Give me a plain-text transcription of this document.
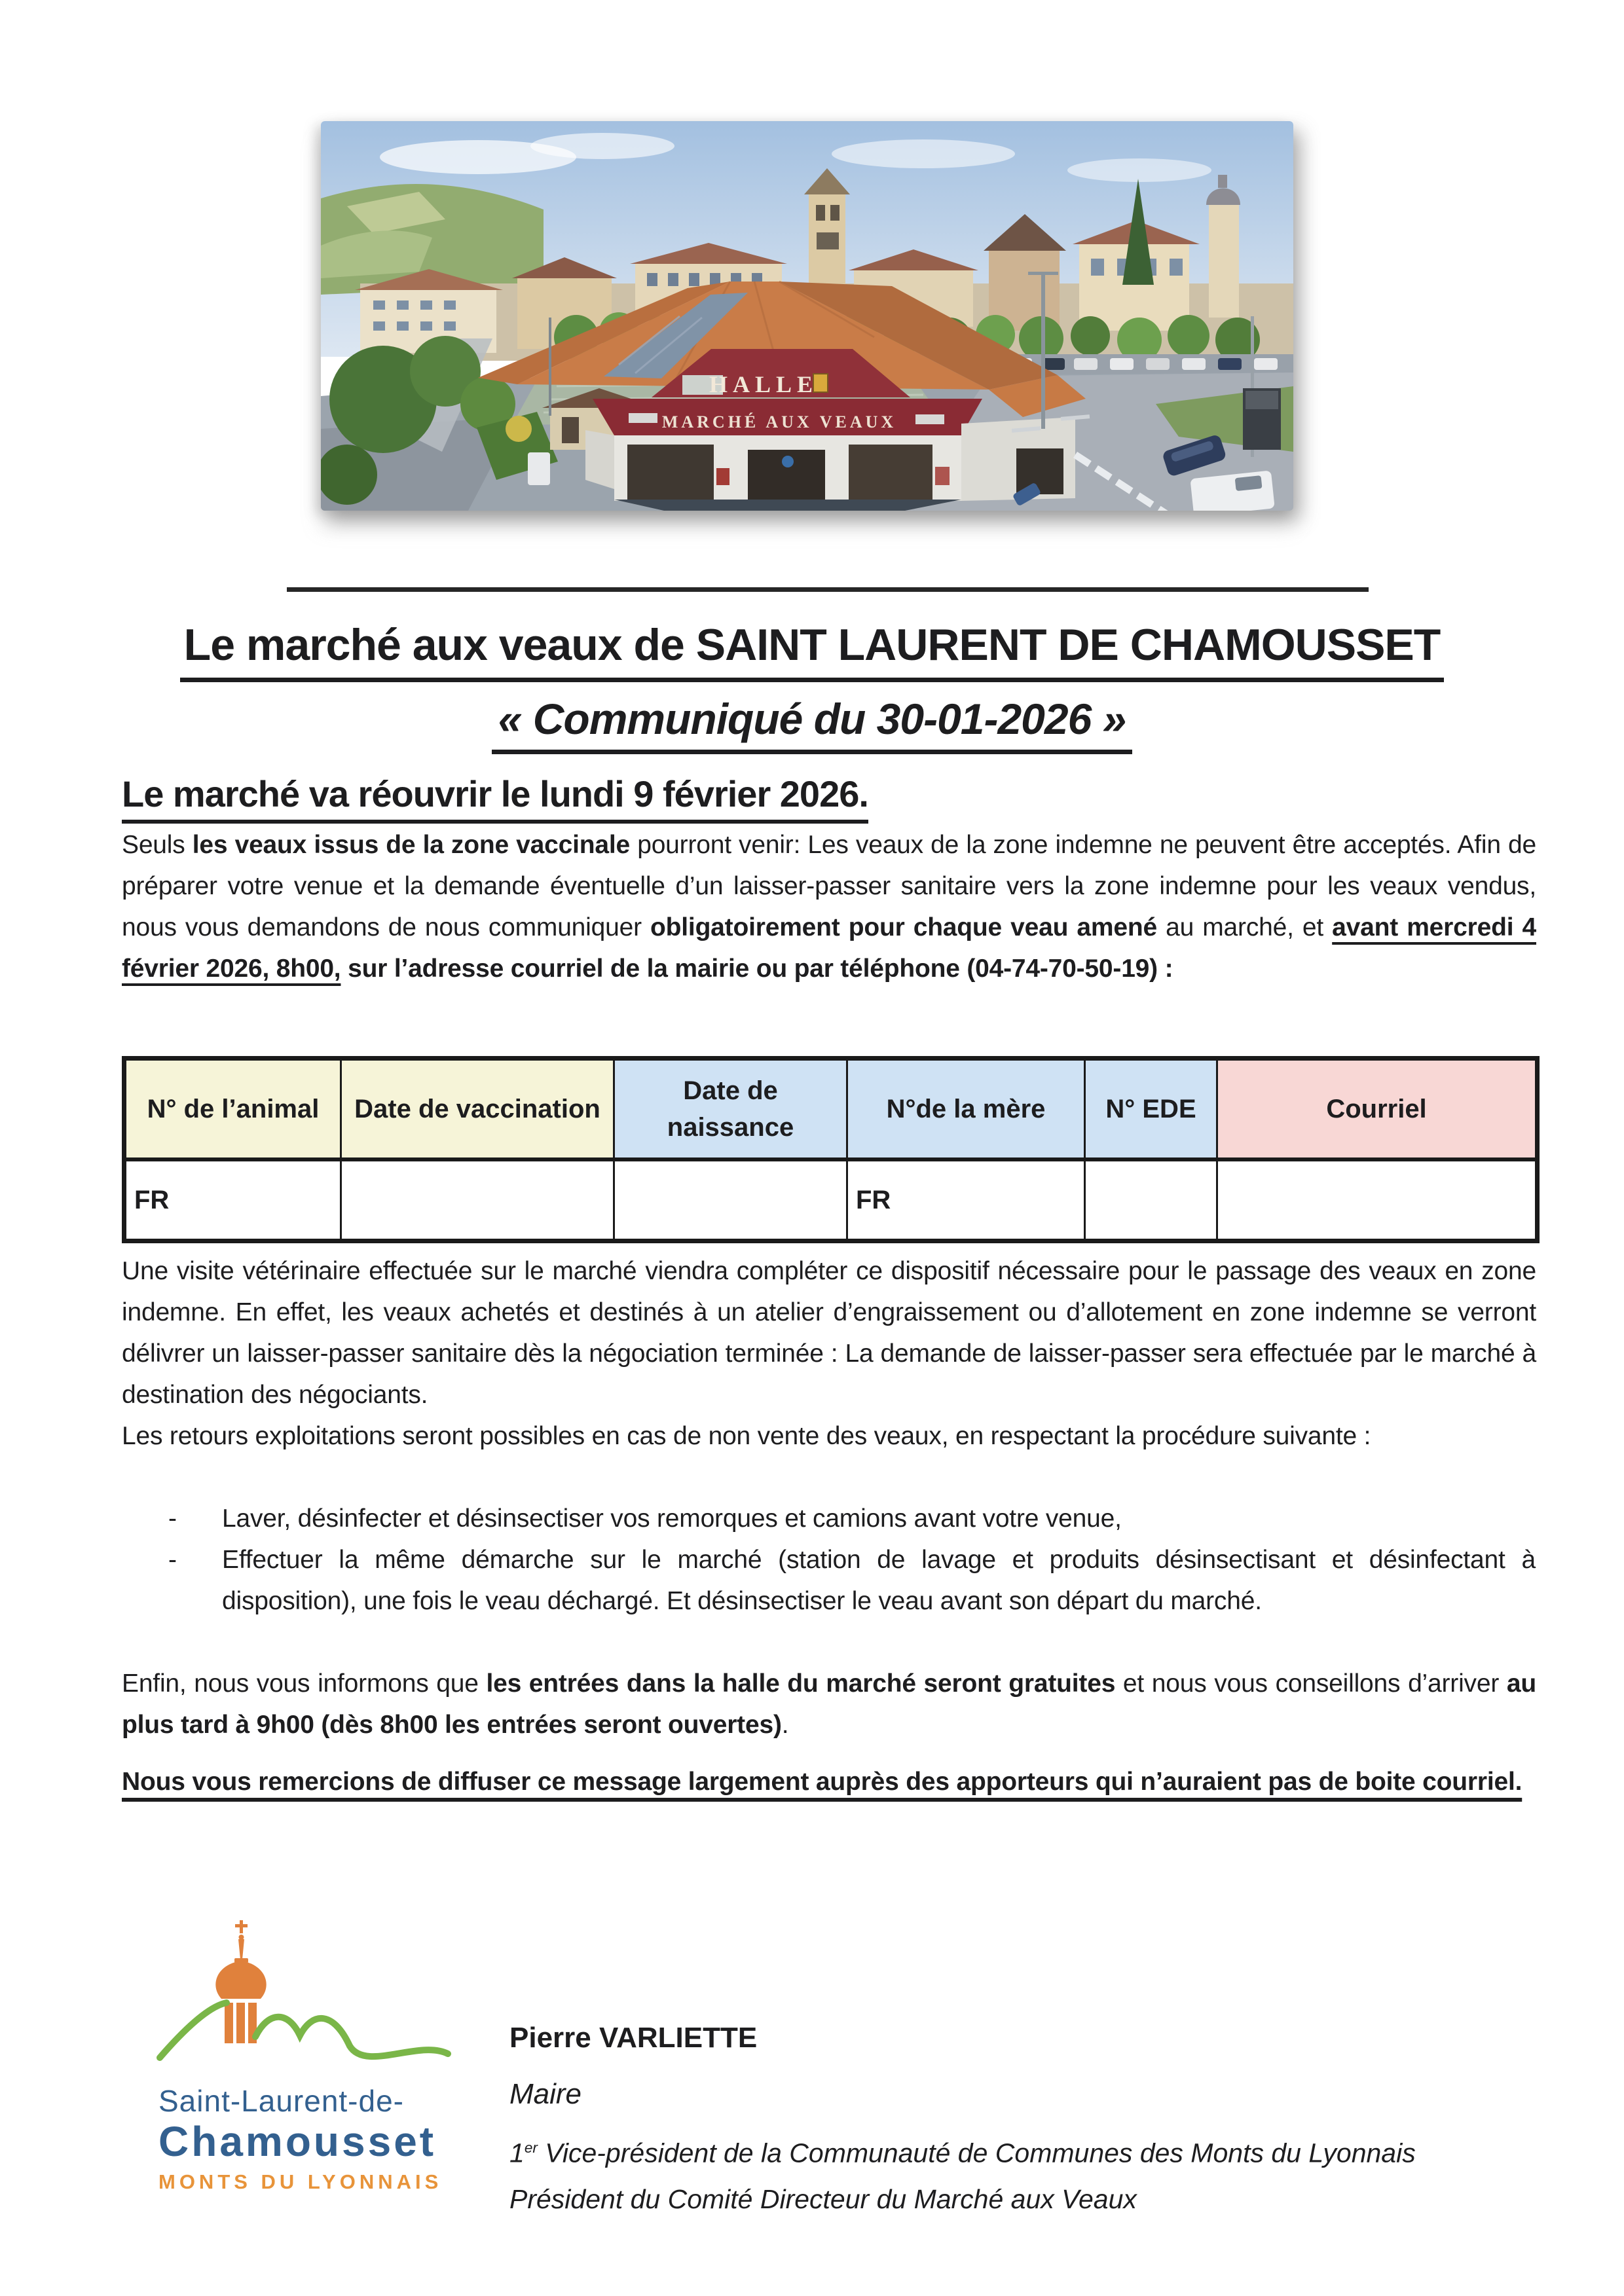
HALLE
MARCHÉ AUX VEAUX
Le marché aux veaux de SAINT LAURENT DE CHAMOUSSET
« Communiqué du 30-01-2026 »
Le marché va réouvrir le lundi 9 février 2026.

Seuls les veaux issus de la zone vaccinale pourront venir: Les veaux de la zone indemne ne peuvent être acceptés. Afin de préparer votre venue et la demande éventuelle d’un laisser-passer sanitaire vers la zone indemne pour les veaux vendus, nous vous demandons de nous communiquer obligatoirement pour chaque veau amené au marché, et avant mercredi 4 février 2026, 8h00, sur l’adresse courriel de la mairie ou par téléphone (04-74-70-50-19) :

N° de l’animal	Date de vaccination	Date de naissance	N°de la mère	N° EDE	Courriel
FR			FR		

Une visite vétérinaire effectuée sur le marché viendra compléter ce dispositif nécessaire pour le passage des veaux en zone indemne. En effet, les veaux achetés et destinés à un atelier d’engraissement ou d’allotement en zone indemne se verront délivrer un laisser-passer sanitaire dès la négociation terminée : La demande de laisser-passer sera effectuée par le marché à destination des négociants.

Les retours exploitations seront possibles en cas de non vente des veaux, en respectant la procédure suivante :

- Laver, désinfecter et désinsectiser vos remorques et camions avant votre venue,
- Effectuer la même démarche sur le marché (station de lavage et produits désinsectisant et désinfectant à disposition), une fois le veau déchargé. Et désinsectiser le veau avant son départ du marché.

Enfin, nous vous informons que les entrées dans la halle du marché seront gratuites et nous vous conseillons d’arriver au plus tard à 9h00 (dès 8h00 les entrées seront ouvertes).

Nous vous remercions de diffuser ce message largement auprès des apporteurs qui n’auraient pas de boite courriel.

Saint-Laurent-de-
Chamousset
MONTS DU LYONNAIS

Pierre VARLIETTE

Maire

1er Vice-président de la Communauté de Communes des Monts du Lyonnais

Président du Comité Directeur du Marché aux Veaux
